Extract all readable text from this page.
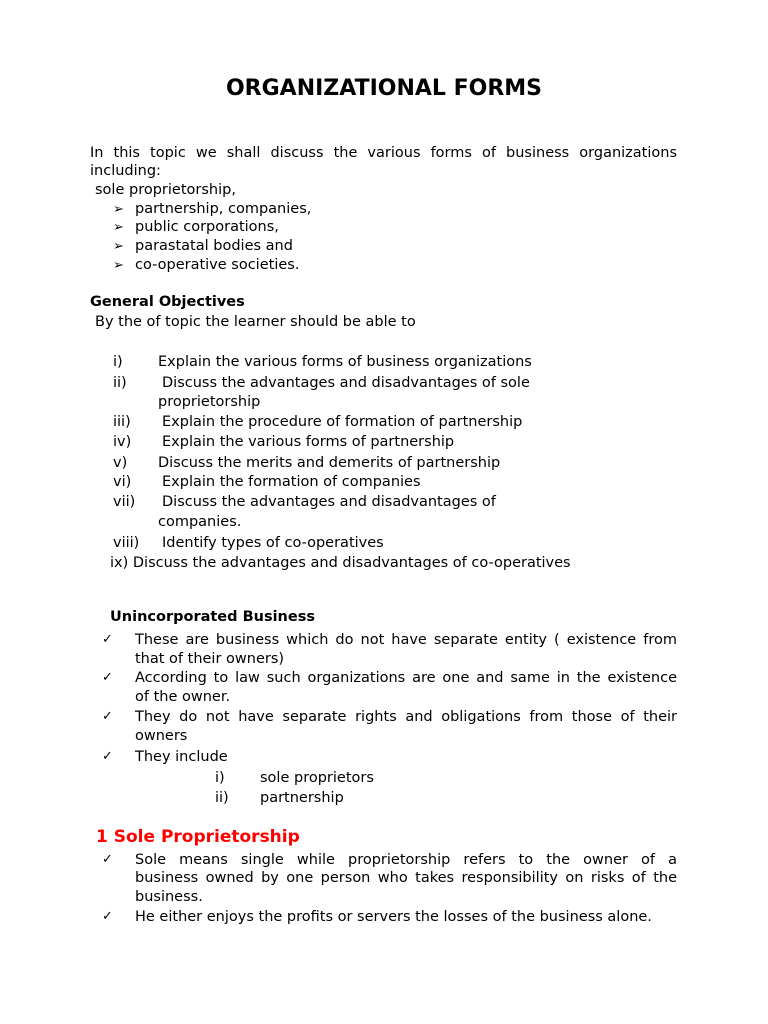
ORGANIZATIONAL FORMS
In this topic we shall discuss the various forms of business organizations
including:
sole proprietorship,
➢ partnership, companies,
➢ public corporations,
➢ parastatal bodies and
➢ co-operative societies.
General Objectives
By the of topic the learner should be able to
i) Explain the various forms of business organizations
ii) Discuss the advantages and disadvantages of sole
proprietorship
iii) Explain the procedure of formation of partnership
iv) Explain the various forms of partnership
v) Discuss the merits and demerits of partnership
vi) Explain the formation of companies
vii) Discuss the advantages and disadvantages of
companies.
viii) Identify types of co-operatives
ix) Discuss the advantages and disadvantages of co-operatives
Unincorporated Business
✓ These are business which do not have separate entity ( existence from
that of their owners)
✓ According to law such organizations are one and same in the existence
of the owner.
✓ They do not have separate rights and obligations from those of their
owners
✓ They include
i) sole proprietors
ii) partnership
1 Sole Proprietorship
✓ Sole means single while proprietorship refers to the owner of a
business owned by one person who takes responsibility on risks of the
business.
✓ He either enjoys the profits or servers the losses of the business alone.
